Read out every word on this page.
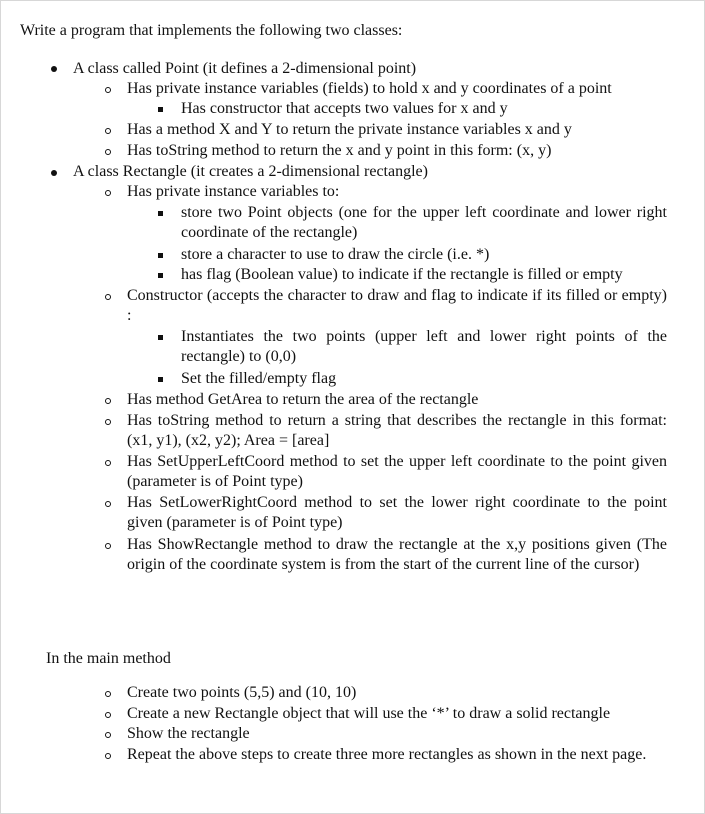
Write a program that implements the following two classes:
A class called Point (it defines a 2-dimensional point)
Has private instance variables (fields) to hold x and y coordinates of a point
Has constructor that accepts two values for x and y
Has a method X and Y to return the private instance variables x and y
Has toString method to return the x and y point in this form: (x, y)
A class Rectangle (it creates a 2-dimensional rectangle)
Has private instance variables to:
store two Point objects (one for the upper left coordinate and lower right coordinate of the rectangle)
store a character to use to draw the circle (i.e. *)
has flag (Boolean value) to indicate if the rectangle is filled or empty
Constructor (accepts the character to draw and flag to indicate if its filled or empty) :
Instantiates the two points (upper left and lower right points of the rectangle) to (0,0)
Set the filled/empty flag
Has method GetArea to return the area of the rectangle
Has toString method to return a string that describes the rectangle in this format: (x1, y1), (x2, y2); Area = [area]
Has SetUpperLeftCoord method to set the upper left coordinate to the point given (parameter is of Point type)
Has SetLowerRightCoord method to set the lower right coordinate to the point given (parameter is of Point type)
Has ShowRectangle method to draw the rectangle at the x,y positions given (The origin of the coordinate system is from the start of the current line of the cursor)
In the main method
Create two points (5,5) and (10, 10)
Create a new Rectangle object that will use the ‘*’ to draw a solid rectangle
Show the rectangle
Repeat the above steps to create three more rectangles as shown in the next page.
